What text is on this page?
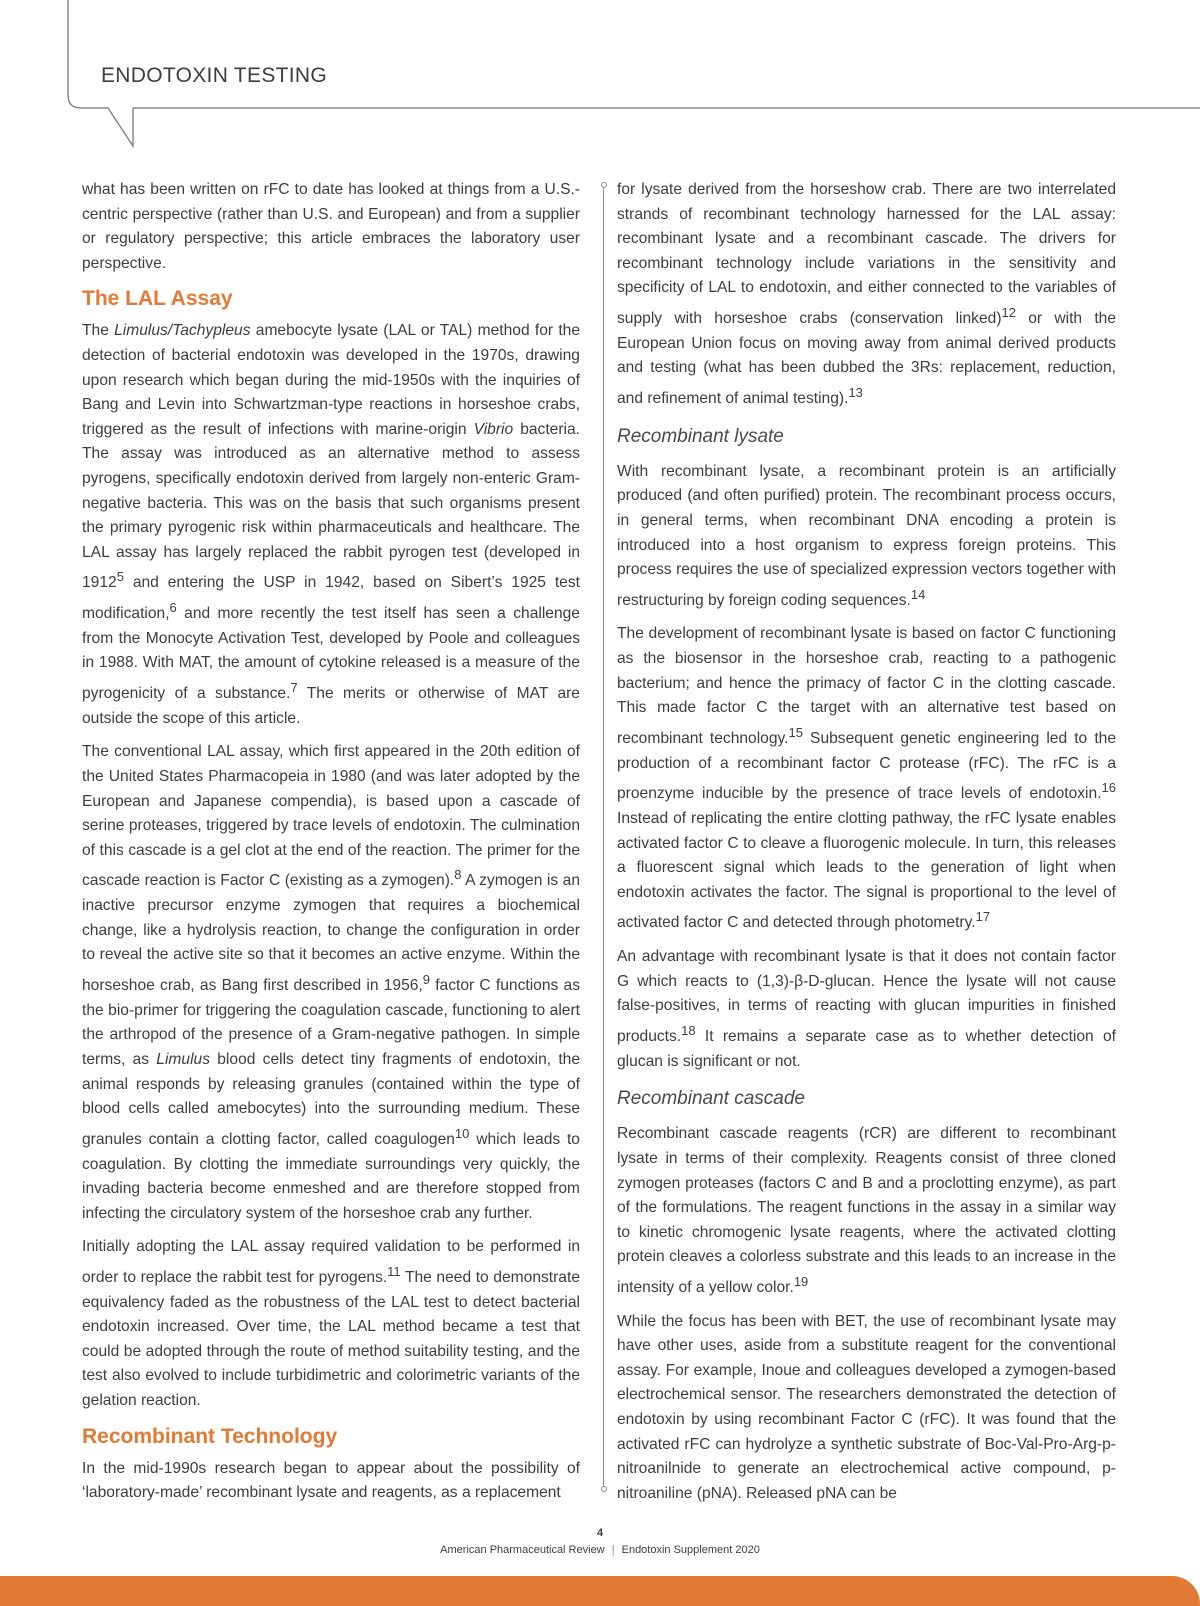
ENDOTOXIN TESTING

what has been written on rFC to date has looked at things from a U.S.-centric perspective (rather than U.S. and European) and from a supplier or regulatory perspective; this article embraces the laboratory user perspective.

The LAL Assay

The Limulus/Tachypleus amebocyte lysate (LAL or TAL) method for the detection of bacterial endotoxin was developed in the 1970s, drawing upon research which began during the mid-1950s with the inquiries of Bang and Levin into Schwartzman-type reactions in horseshoe crabs, triggered as the result of infections with marine-origin Vibrio bacteria. The assay was introduced as an alternative method to assess pyrogens, specifically endotoxin derived from largely non-enteric Gram-negative bacteria. This was on the basis that such organisms present the primary pyrogenic risk within pharmaceuticals and healthcare. The LAL assay has largely replaced the rabbit pyrogen test (developed in 1912$^5$ and entering the USP in 1942, based on Sibert’s 1925 test modification,$^6$ and more recently the test itself has seen a challenge from the Monocyte Activation Test, developed by Poole and colleagues in 1988. With MAT, the amount of cytokine released is a measure of the pyrogenicity of a substance.$^7$ The merits or otherwise of MAT are outside the scope of this article.

The conventional LAL assay, which first appeared in the 20th edition of the United States Pharmacopeia in 1980 (and was later adopted by the European and Japanese compendia), is based upon a cascade of serine proteases, triggered by trace levels of endotoxin. The culmination of this cascade is a gel clot at the end of the reaction. The primer for the cascade reaction is Factor C (existing as a zymogen).$^8$ A zymogen is an inactive precursor enzyme zymogen that requires a biochemical change, like a hydrolysis reaction, to change the configuration in order to reveal the active site so that it becomes an active enzyme. Within the horseshoe crab, as Bang first described in 1956,$^9$ factor C functions as the bio-primer for triggering the coagulation cascade, functioning to alert the arthropod of the presence of a Gram-negative pathogen. In simple terms, as Limulus blood cells detect tiny fragments of endotoxin, the animal responds by releasing granules (contained within the type of blood cells called amebocytes) into the surrounding medium. These granules contain a clotting factor, called coagulogen$^{10}$ which leads to coagulation. By clotting the immediate surroundings very quickly, the invading bacteria become enmeshed and are therefore stopped from infecting the circulatory system of the horseshoe crab any further.

Initially adopting the LAL assay required validation to be performed in order to replace the rabbit test for pyrogens.$^{11}$ The need to demonstrate equivalency faded as the robustness of the LAL test to detect bacterial endotoxin increased. Over time, the LAL method became a test that could be adopted through the route of method suitability testing, and the test also evolved to include turbidimetric and colorimetric variants of the gelation reaction.

Recombinant Technology

In the mid-1990s research began to appear about the possibility of ‘laboratory-made’ recombinant lysate and reagents, as a replacement

for lysate derived from the horseshow crab. There are two interrelated strands of recombinant technology harnessed for the LAL assay: recombinant lysate and a recombinant cascade. The drivers for recombinant technology include variations in the sensitivity and specificity of LAL to endotoxin, and either connected to the variables of supply with horseshoe crabs (conservation linked)$^{12}$ or with the European Union focus on moving away from animal derived products and testing (what has been dubbed the 3Rs: replacement, reduction, and refinement of animal testing).$^{13}$

Recombinant lysate

With recombinant lysate, a recombinant protein is an artificially produced (and often purified) protein. The recombinant process occurs, in general terms, when recombinant DNA encoding a protein is introduced into a host organism to express foreign proteins. This process requires the use of specialized expression vectors together with restructuring by foreign coding sequences.$^{14}$

The development of recombinant lysate is based on factor C functioning as the biosensor in the horseshoe crab, reacting to a pathogenic bacterium; and hence the primacy of factor C in the clotting cascade. This made factor C the target with an alternative test based on recombinant technology.$^{15}$ Subsequent genetic engineering led to the production of a recombinant factor C protease (rFC). The rFC is a proenzyme inducible by the presence of trace levels of endotoxin.$^{16}$ Instead of replicating the entire clotting pathway, the rFC lysate enables activated factor C to cleave a fluorogenic molecule. In turn, this releases a fluorescent signal which leads to the generation of light when endotoxin activates the factor. The signal is proportional to the level of activated factor C and detected through photometry.$^{17}$

An advantage with recombinant lysate is that it does not contain factor G which reacts to (1,3)-β-D-glucan. Hence the lysate will not cause false-positives, in terms of reacting with glucan impurities in finished products.$^{18}$ It remains a separate case as to whether detection of glucan is significant or not.

Recombinant cascade

Recombinant cascade reagents (rCR) are different to recombinant lysate in terms of their complexity. Reagents consist of three cloned zymogen proteases (factors C and B and a proclotting enzyme), as part of the formulations. The reagent functions in the assay in a similar way to kinetic chromogenic lysate reagents, where the activated clotting protein cleaves a colorless substrate and this leads to an increase in the intensity of a yellow color.$^{19}$

While the focus has been with BET, the use of recombinant lysate may have other uses, aside from a substitute reagent for the conventional assay. For example, Inoue and colleagues developed a zymogen-based electrochemical sensor. The researchers demonstrated the detection of endotoxin by using recombinant Factor C (rFC). It was found that the activated rFC can hydrolyze a synthetic substrate of Boc-Val-Pro-Arg-p-nitroanilnide to generate an electrochemical active compound, p-nitroaniline (pNA). Released pNA can be

4
American Pharmaceutical Review | Endotoxin Supplement 2020
